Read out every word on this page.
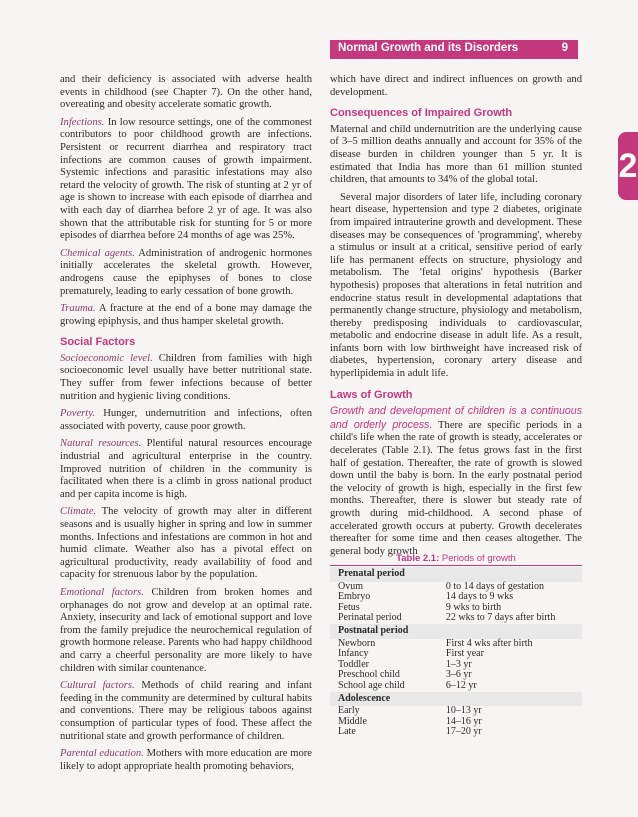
Normal Growth and its Disorders	9
2

and their deficiency is associated with adverse health events in childhood (see Chapter 7). On the other hand, overeating and obesity accelerate somatic growth.

Infections. In low resource settings, one of the commonest contributors to poor childhood growth are infections. Persistent or recurrent diarrhea and respiratory tract infections are common causes of growth impairment. Systemic infections and parasitic infestations may also retard the velocity of growth. The risk of stunting at 2 yr of age is shown to increase with each episode of diarrhea and with each day of diarrhea before 2 yr of age. It was also shown that the attributable risk for stunting for 5 or more episodes of diarrhea before 24 months of age was 25%.

Chemical agents. Administration of androgenic hormones initially accelerates the skeletal growth. However, androgens cause the epiphyses of bones to close prematurely, leading to early cessation of bone growth.

Trauma. A fracture at the end of a bone may damage the growing epiphysis, and thus hamper skeletal growth.

Social Factors

Socioeconomic level. Children from families with high socioeconomic level usually have better nutritional state. They suffer from fewer infections because of better nutrition and hygienic living conditions.

Poverty. Hunger, undernutrition and infections, often associated with poverty, cause poor growth.

Natural resources. Plentiful natural resources encourage industrial and agricultural enterprise in the country. Improved nutrition of children in the community is facilitated when there is a climb in gross national product and per capita income is high.

Climate. The velocity of growth may alter in different seasons and is usually higher in spring and low in summer months. Infections and infestations are common in hot and humid climate. Weather also has a pivotal effect on agricultural productivity, ready availability of food and capacity for strenuous labor by the population.

Emotional factors. Children from broken homes and orphanages do not grow and develop at an optimal rate. Anxiety, insecurity and lack of emotional support and love from the family prejudice the neurochemical regulation of growth hormone release. Parents who had happy childhood and carry a cheerful personality are more likely to have children with similar countenance.

Cultural factors. Methods of child rearing and infant feeding in the community are determined by cultural habits and conventions. There may be religious taboos against consumption of particular types of food. These affect the nutritional state and growth performance of children.

Parental education. Mothers with more education are more likely to adopt appropriate health promoting behaviors,

which have direct and indirect influences on growth and development.

Consequences of Impaired Growth

Maternal and child undernutrition are the underlying cause of 3–5 million deaths annually and account for 35% of the disease burden in children younger than 5 yr. It is estimated that India has more than 61 million stunted children, that amounts to 34% of the global total.

Several major disorders of later life, including coronary heart disease, hypertension and type 2 diabetes, originate from impaired intrauterine growth and development. These diseases may be consequences of 'programming', whereby a stimulus or insult at a critical, sensitive period of early life has permanent effects on structure, physiology and metabolism. The 'fetal origins' hypothesis (Barker hypothesis) proposes that alterations in fetal nutrition and endocrine status result in developmental adaptations that permanently change structure, physiology and metabolism, thereby predisposing individuals to cardiovascular, metabolic and endocrine disease in adult life. As a result, infants born with low birthweight have increased risk of diabetes, hypertension, coronary artery disease and hyperlipidemia in adult life.

Laws of Growth

Growth and development of children is a continuous and orderly process. There are specific periods in a child's life when the rate of growth is steady, accelerates or decelerates (Table 2.1). The fetus grows fast in the first half of gestation. Thereafter, the rate of growth is slowed down until the baby is born. In the early postnatal period the velocity of growth is high, especially in the first few months. Thereafter, there is slower but steady rate of growth during mid-childhood. A second phase of accelerated growth occurs at puberty. Growth decelerates thereafter for some time and then ceases altogether. The general body growth

Table 2.1: Periods of growth
Prenatal period	
Ovum	0 to 14 days of gestation
Embryo	14 days to 9 wks
Fetus	9 wks to birth
Perinatal period	22 wks to 7 days after birth
Postnatal period	
Newborn	First 4 wks after birth
Infancy	First year
Toddler	1–3 yr
Preschool child	3–6 yr
School age child	6–12 yr
Adolescence	
Early	10–13 yr
Middle	14–16 yr
Late	17–20 yr
